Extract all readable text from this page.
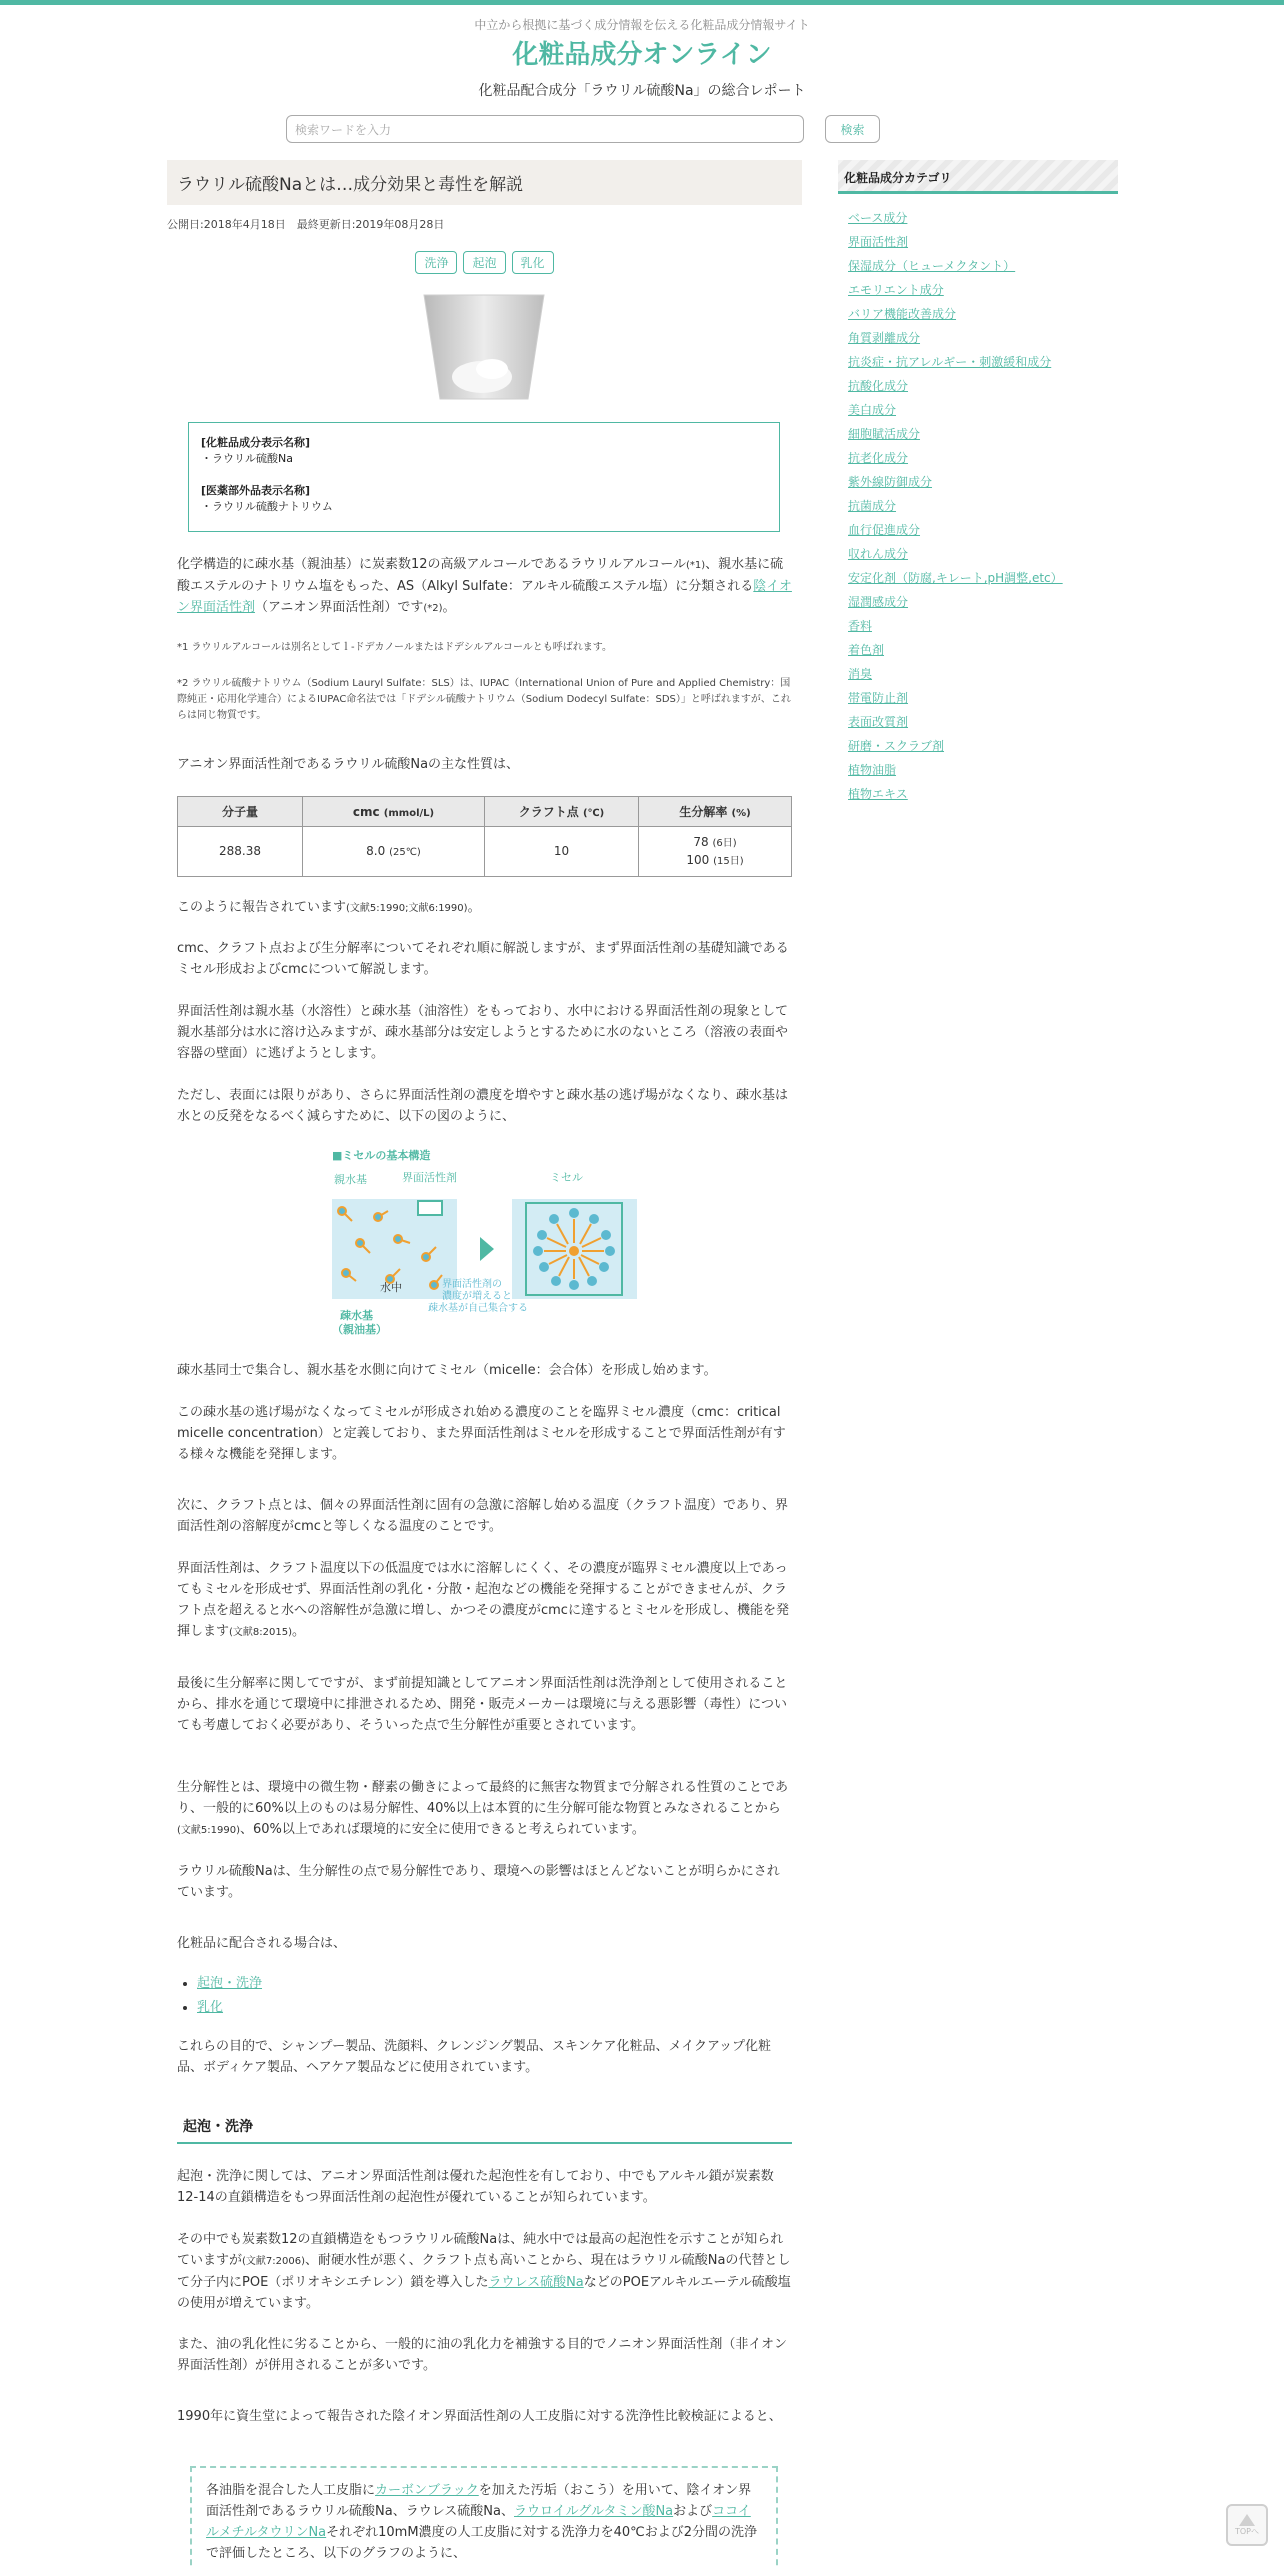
中立から根拠に基づく成分情報を伝える化粧品成分情報サイト
化粧品成分オンライン
化粧品配合成分「ラウリル硫酸Na」の総合レポート
検索ワードを入力	検索
ラウリル硫酸Naとは…成分効果と毒性を解説
公開日:2018年4月18日　最終更新日:2019年08月28日
洗浄	起泡	乳化
[化粧品成分表示名称]
・ラウリル硫酸Na
[医薬部外品表示名称]
・ラウリル硫酸ナトリウム
化学構造的に疎水基（親油基）に炭素数12の高級アルコールであるラウリルアルコール(*1)、親水基に硫酸エステルのナトリウム塩をもった、AS（Alkyl Sulfate：アルキル硫酸エステル塩）に分類される陰イオン界面活性剤（アニオン界面活性剤）です(*2)。
*1 ラウリルアルコールは別名としてｌ-ドデカノールまたはドデシルアルコールとも呼ばれます。
*2 ラウリル硫酸ナトリウム（Sodium Lauryl Sulfate：SLS）は、IUPAC（International Union of Pure and Applied Chemistry：国際純正・応用化学連合）によるIUPAC命名法では「ドデシル硫酸ナトリウム（Sodium Dodecyl Sulfate：SDS）」と呼ばれますが、これらは同じ物質です。
アニオン界面活性剤であるラウリル硫酸Naの主な性質は、
分子量	cmc (mmol/L)	クラフト点 (℃)	生分解率 (%)
288.38	8.0 (25℃)	10	78 (6日)
100 (15日)
このように報告されています(文献5:1990;文献6:1990)。
cmc、クラフト点および生分解率についてそれぞれ順に解説しますが、まず界面活性剤の基礎知識であるミセル形成およびcmcについて解説します。
界面活性剤は親水基（水溶性）と疎水基（油溶性）をもっており、水中における界面活性剤の現象として親水基部分は水に溶け込みますが、疎水基部分は安定しようとするために水のないところ（溶液の表面や容器の壁面）に逃げようとします。
ただし、表面には限りがあり、さらに界面活性剤の濃度を増やすと疎水基の逃げ場がなくなり、疎水基は水との反発をなるべく減らすために、以下の図のように、
■ミセルの基本構造
親水基	界面活性剤	ミセル
水中	界面活性剤の
濃度が増えると
疎水基が自己集合する
疎水基
（親油基）
疎水基同士で集合し、親水基を水側に向けてミセル（micelle：会合体）を形成し始めます。
この疎水基の逃げ場がなくなってミセルが形成され始める濃度のことを臨界ミセル濃度（cmc：critical micelle concentration）と定義しており、また界面活性剤はミセルを形成することで界面活性剤が有する様々な機能を発揮します。
次に、クラフト点とは、個々の界面活性剤に固有の急激に溶解し始める温度（クラフト温度）であり、界面活性剤の溶解度がcmcと等しくなる温度のことです。
界面活性剤は、クラフト温度以下の低温度では水に溶解しにくく、その濃度が臨界ミセル濃度以上であってもミセルを形成せず、界面活性剤の乳化・分散・起泡などの機能を発揮することができませんが、クラフト点を超えると水への溶解性が急激に増し、かつその濃度がcmcに達するとミセルを形成し、機能を発揮します(文献8:2015)。
最後に生分解率に関してですが、まず前提知識としてアニオン界面活性剤は洗浄剤として使用されることから、排水を通じて環境中に排泄されるため、開発・販売メーカーは環境に与える悪影響（毒性）についても考慮しておく必要があり、そういった点で生分解性が重要とされています。
生分解性とは、環境中の微生物・酵素の働きによって最終的に無害な物質まで分解される性質のことであり、一般的に60%以上のものは易分解性、40%以上は本質的に生分解可能な物質とみなされることから(文献5:1990)、60%以上であれば環境的に安全に使用できると考えられています。
ラウリル硫酸Naは、生分解性の点で易分解性であり、環境への影響はほとんどないことが明らかにされています。
化粧品に配合される場合は、
• 起泡・洗浄
• 乳化
これらの目的で、シャンプー製品、洗顔料、クレンジング製品、スキンケア化粧品、メイクアップ化粧品、ボディケア製品、ヘアケア製品などに使用されています。
起泡・洗浄
起泡・洗浄に関しては、アニオン界面活性剤は優れた起泡性を有しており、中でもアルキル鎖が炭素数12-14の直鎖構造をもつ界面活性剤の起泡性が優れていることが知られています。
その中でも炭素数12の直鎖構造をもつラウリル硫酸Naは、純水中では最高の起泡性を示すことが知られていますが(文献7:2006)、耐硬水性が悪く、クラフト点も高いことから、現在はラウリル硫酸Naの代替として分子内にPOE（ポリオキシエチレン）鎖を導入したラウレス硫酸NaなどのPOEアルキルエーテル硫酸塩の使用が増えています。
また、油の乳化性に劣ることから、一般的に油の乳化力を補強する目的でノニオン界面活性剤（非イオン界面活性剤）が併用されることが多いです。
1990年に資生堂によって報告された陰イオン界面活性剤の人工皮脂に対する洗浄性比較検証によると、
各油脂を混合した人工皮脂にカーボンブラックを加えた汚垢（おこう）を用いて、陰イオン界面活性剤であるラウリル硫酸Na、ラウレス硫酸Na、ラウロイルグルタミン酸NaおよびココイルメチルタウリンNaそれぞれ10mM濃度の人工皮脂に対する洗浄力を40℃および2分間の洗浄で評価したところ、以下のグラフのように、
化粧品成分カテゴリ
ベース成分
界面活性剤
保湿成分（ヒューメクタント）
エモリエント成分
バリア機能改善成分
角質剥離成分
抗炎症・抗アレルギー・刺激緩和成分
抗酸化成分
美白成分
細胞賦活成分
抗老化成分
紫外線防御成分
抗菌成分
血行促進成分
収れん成分
安定化剤（防腐,キレート,pH調整,etc）
湿潤感成分
香料
着色剤
消臭
帯電防止剤
表面改質剤
研磨・スクラブ剤
植物油脂
植物エキス
TOPへ
